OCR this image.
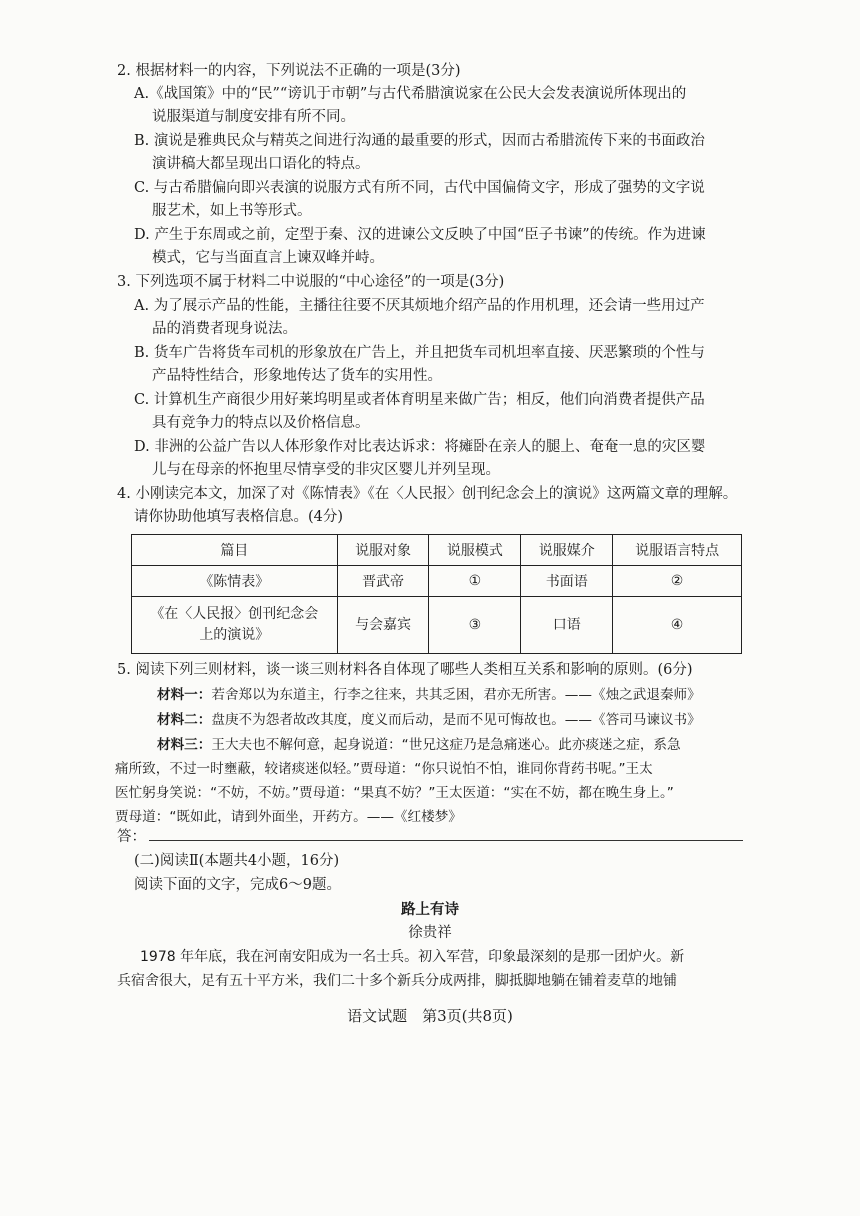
2. 根据材料一的内容，下列说法不正确的一项是(3分)
A.《战国策》中的“民”“谤讥于市朝”与古代希腊演说家在公民大会发表演说所体现出的
说服渠道与制度安排有所不同。
B. 演说是雅典民众与精英之间进行沟通的最重要的形式，因而古希腊流传下来的书面政治
演讲稿大都呈现出口语化的特点。
C. 与古希腊偏向即兴表演的说服方式有所不同，古代中国偏倚文字，形成了强势的文字说
服艺术，如上书等形式。
D. 产生于东周或之前，定型于秦、汉的进谏公文反映了中国“臣子书谏”的传统。作为进谏
模式，它与当面直言上谏双峰并峙。
3. 下列选项不属于材料二中说服的“中心途径”的一项是(3分)
A. 为了展示产品的性能，主播往往要不厌其烦地介绍产品的作用机理，还会请一些用过产
品的消费者现身说法。
B. 货车广告将货车司机的形象放在广告上，并且把货车司机坦率直接、厌恶繁琐的个性与
产品特性结合，形象地传达了货车的实用性。
C. 计算机生产商很少用好莱坞明星或者体育明星来做广告；相反，他们向消费者提供产品
具有竞争力的特点以及价格信息。
D. 非洲的公益广告以人体形象作对比表达诉求：将瘫卧在亲人的腿上、奄奄一息的灾区婴
儿与在母亲的怀抱里尽情享受的非灾区婴儿并列呈现。
4. 小刚读完本文，加深了对《陈情表》《在〈人民报〉创刊纪念会上的演说》这两篇文章的理解。
请你协助他填写表格信息。(4分)
篇目	说服对象	说服模式	说服媒介	说服语言特点
《陈情表》	晋武帝	①	书面语	②

《在〈人民报〉创刊纪念会
上的演说》	与会嘉宾	③	口语	④
5. 阅读下列三则材料，谈一谈三则材料各自体现了哪些人类相互关系和影响的原则。(6分)
材料一：若舍郑以为东道主，行李之往来，共其乏困，君亦无所害。——《烛之武退秦师》
材料二：盘庚不为怨者故改其度，度义而后动，是而不见可悔故也。——《答司马谏议书》
材料三：王大夫也不解何意，起身说道：“世兄这症乃是急痛迷心。此亦痰迷之症，系急
痛所致，不过一时壅蔽，较诸痰迷似轻。”贾母道：“你只说怕不怕，谁同你背药书呢。”王太
医忙躬身笑说：“不妨，不妨。”贾母道：“果真不妨？”王太医道：“实在不妨，都在晚生身上。”
贾母道：“既如此，请到外面坐，开药方。——《红楼梦》
答：
(二)阅读Ⅱ(本题共4小题，16分)
阅读下面的文字，完成6～9题。
路上有诗
徐贵祥
1978 年年底，我在河南安阳成为一名士兵。初入军营，印象最深刻的是那一团炉火。新
兵宿舍很大，足有五十平方米，我们二十多个新兵分成两排，脚抵脚地躺在铺着麦草的地铺
语文试题　第3页(共8页)
